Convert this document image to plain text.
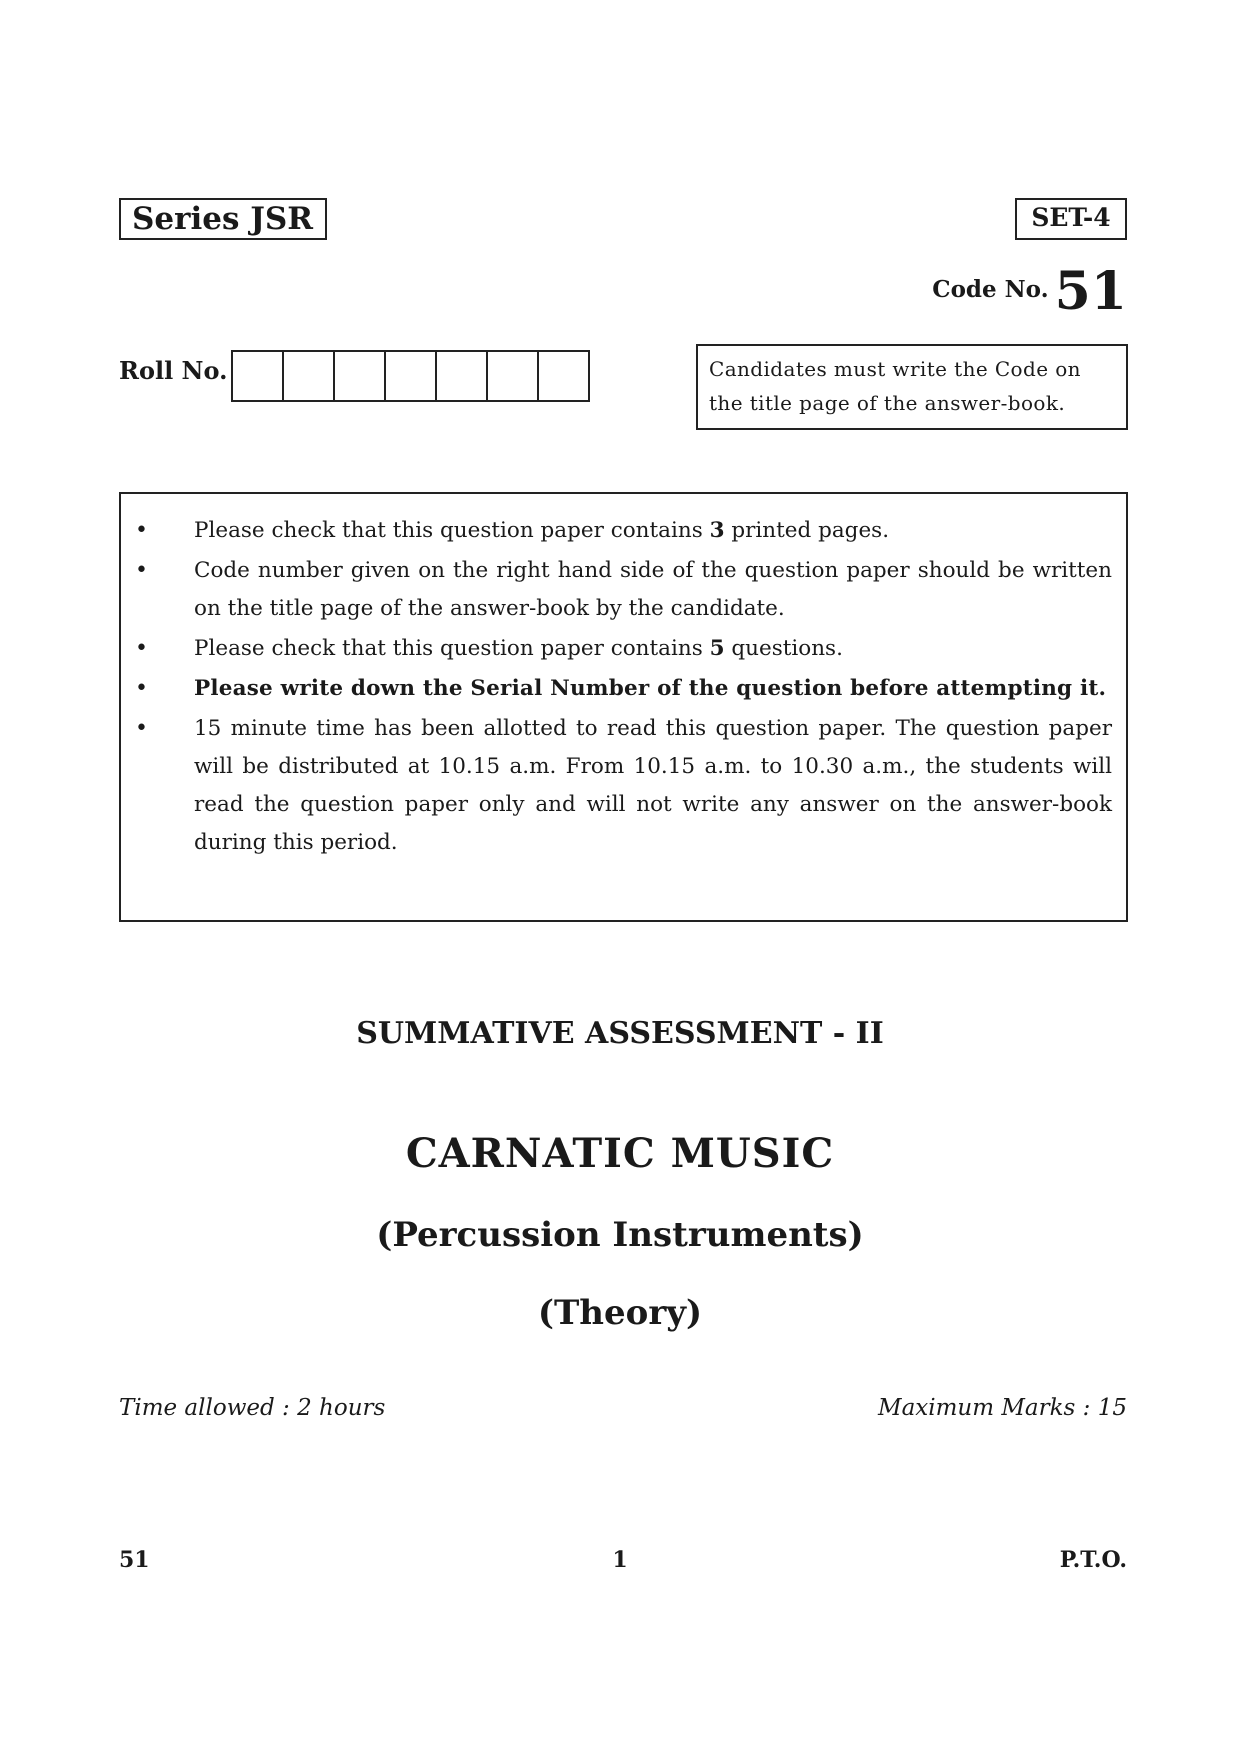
Series JSR	SET-4
Code No. 51
Roll No.	Candidates must write the Code on the title page of the answer-book.
• Please check that this question paper contains 3 printed pages.
• Code number given on the right hand side of the question paper should be written on the title page of the answer-book by the candidate.
• Please check that this question paper contains 5 questions.
• Please write down the Serial Number of the question before attempting it.
• 15 minute time has been allotted to read this question paper. The question paper will be distributed at 10.15 a.m. From 10.15 a.m. to 10.30 a.m., the students will read the question paper only and will not write any answer on the answer-book during this period.
SUMMATIVE ASSESSMENT - II
CARNATIC MUSIC
(Percussion Instruments)
(Theory)
Time allowed : 2 hours	Maximum Marks : 15
51	1	P.T.O.
